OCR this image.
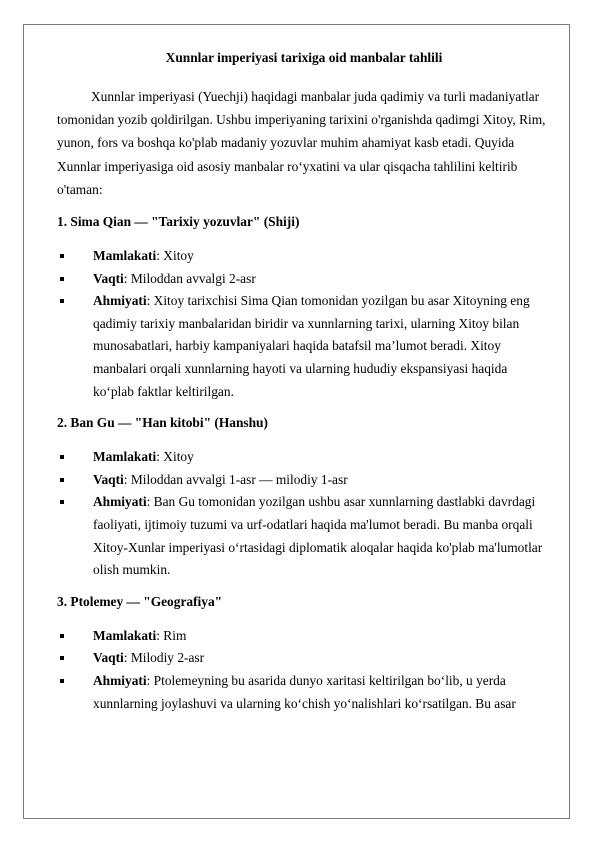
Xunnlar imperiyasi tarixiga oid manbalar tahlili

Xunnlar imperiyasi (Yuechji) haqidagi manbalar juda qadimiy va turli madaniyatlar tomonidan yozib qoldirilgan. Ushbu imperiyaning tarixini o'rganishda qadimgi Xitoy, Rim, yunon, fors va boshqa ko'plab madaniy yozuvlar muhim ahamiyat kasb etadi. Quyida Xunnlar imperiyasiga oid asosiy manbalar ro‘yxatini va ular qisqacha tahlilini keltirib o'taman:

1. Sima Qian — "Tarixiy yozuvlar" (Shiji)

Mamlakati: Xitoy
Vaqti: Miloddan avvalgi 2-asr
Ahmiyati: Xitoy tarixchisi Sima Qian tomonidan yozilgan bu asar Xitoyning eng qadimiy tarixiy manbalaridan biridir va xunnlarning tarixi, ularning Xitoy bilan munosabatlari, harbiy kampaniyalari haqida batafsil maʼlumot beradi. Xitoy manbalari orqali xunnlarning hayoti va ularning hududiy ekspansiyasi haqida ko‘plab faktlar keltirilgan.

2. Ban Gu — "Han kitobi" (Hanshu)

Mamlakati: Xitoy
Vaqti: Miloddan avvalgi 1-asr — milodiy 1-asr
Ahmiyati: Ban Gu tomonidan yozilgan ushbu asar xunnlarning dastlabki davrdagi faoliyati, ijtimoiy tuzumi va urf-odatlari haqida ma'lumot beradi. Bu manba orqali Xitoy-Xunlar imperiyasi o‘rtasidagi diplomatik aloqalar haqida ko'plab ma'lumotlar olish mumkin.

3. Ptolemey — "Geografiya"

Mamlakati: Rim
Vaqti: Milodiy 2-asr
Ahmiyati: Ptolemeyning bu asarida dunyo xaritasi keltirilgan bo‘lib, u yerda xunnlarning joylashuvi va ularning ko‘chish yo‘nalishlari ko‘rsatilgan. Bu asar
